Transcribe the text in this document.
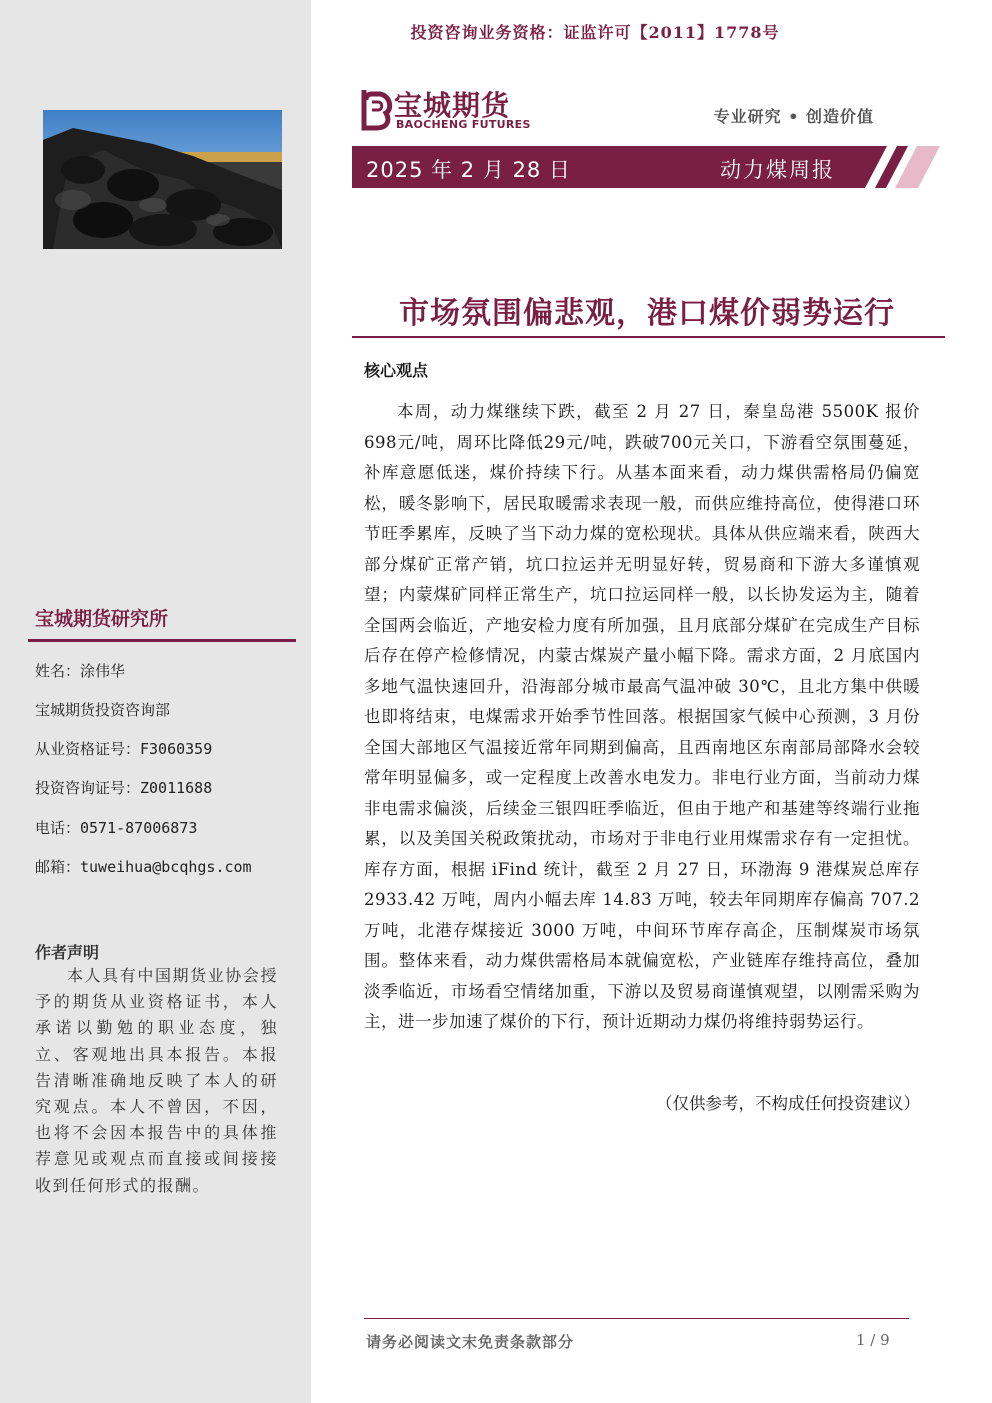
投资咨询业务资格：证监许可【2011】1778号
宝城期货
BAOCHENG FUTURES	专业研究 • 创造价值
2025 年 2 月 28 日	动力煤周报
市场氛围偏悲观，港口煤价弱势运行
核心观点
本周，动力煤继续下跌，截至 2 月 27 日，秦皇岛港 5500K 报价 698元/吨，周环比降低29元/吨，跌破700元关口，下游看空氛围蔓延，补库意愿低迷，煤价持续下行。从基本面来看，动力煤供需格局仍偏宽松，暖冬影响下，居民取暖需求表现一般，而供应维持高位，使得港口环节旺季累库，反映了当下动力煤的宽松现状。具体从供应端来看，陕西大部分煤矿正常产销，坑口拉运并无明显好转，贸易商和下游大多谨慎观望；内蒙煤矿同样正常生产，坑口拉运同样一般，以长协发运为主，随着全国两会临近，产地安检力度有所加强，且月底部分煤矿在完成生产目标后存在停产检修情况，内蒙古煤炭产量小幅下降。需求方面，2 月底国内多地气温快速回升，沿海部分城市最高气温冲破 30℃，且北方集中供暖也即将结束，电煤需求开始季节性回落。根据国家气候中心预测，3 月份全国大部地区气温接近常年同期到偏高，且西南地区东南部局部降水会较常年明显偏多，或一定程度上改善水电发力。非电行业方面，当前动力煤非电需求偏淡，后续金三银四旺季临近，但由于地产和基建等终端行业拖累，以及美国关税政策扰动，市场对于非电行业用煤需求存有一定担忧。库存方面，根据 iFind 统计，截至 2 月 27 日，环渤海 9 港煤炭总库存 2933.42 万吨，周内小幅去库 14.83 万吨，较去年同期库存偏高 707.2 万吨，北港存煤接近 3000 万吨，中间环节库存高企，压制煤炭市场氛围。整体来看，动力煤供需格局本就偏宽松，产业链库存维持高位，叠加淡季临近，市场看空情绪加重，下游以及贸易商谨慎观望，以刚需采购为主，进一步加速了煤价的下行，预计近期动力煤仍将维持弱势运行。
（仅供参考，不构成任何投资建议）
宝城期货研究所
姓名：涂伟华
宝城期货投资咨询部
从业资格证号：F3060359
投资咨询证号：Z0011688
电话：0571-87006873
邮箱：tuweihua@bcqhgs.com
作者声明
本人具有中国期货业协会授予的期货从业资格证书，本人承诺以勤勉的职业态度，独立、客观地出具本报告。本报告清晰准确地反映了本人的研究观点。本人不曾因，不因，也将不会因本报告中的具体推荐意见或观点而直接或间接接收到任何形式的报酬。
请务必阅读文末免责条款部分	1 / 9
